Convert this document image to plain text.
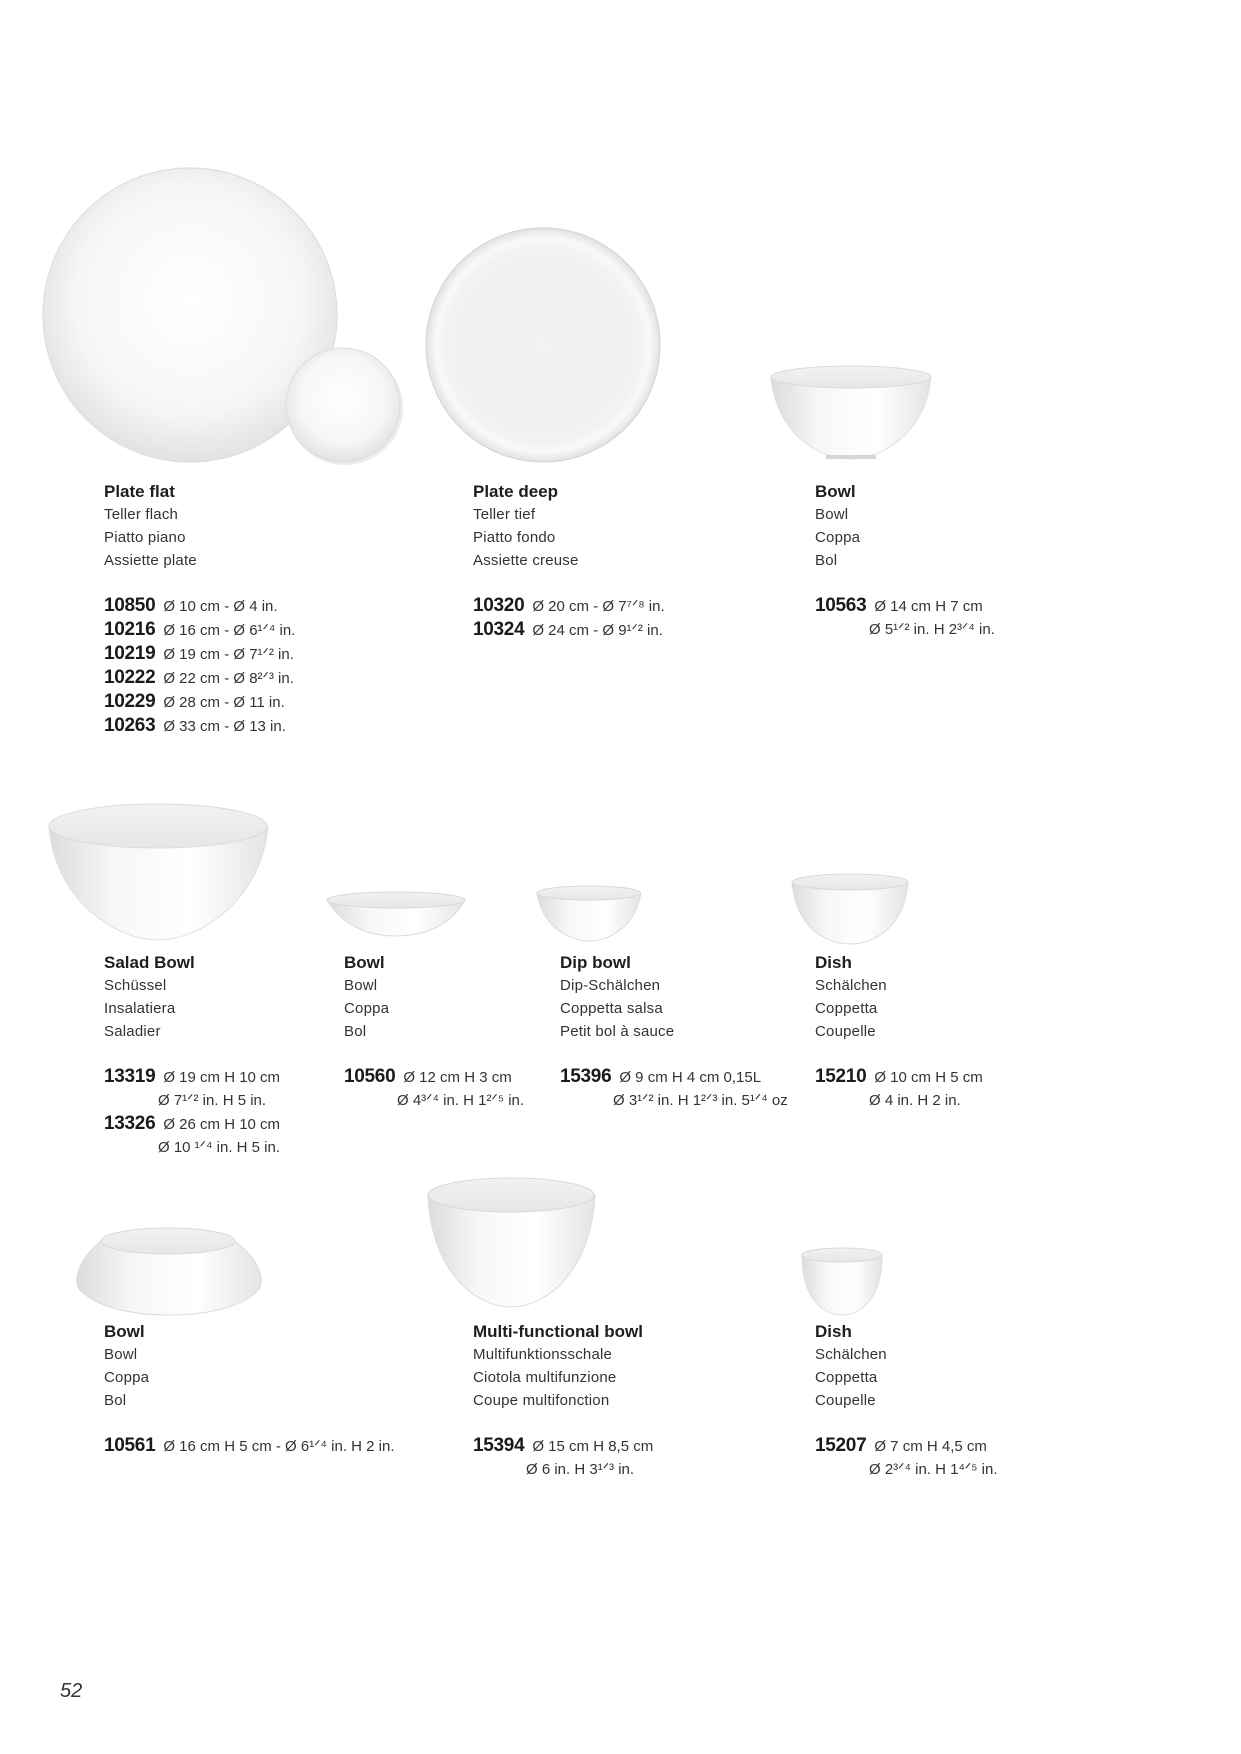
Plate flat
Teller flach
Piatto piano
Assiette plate
10850 Ø 10 cm - Ø 4 in.
10216 Ø 16 cm - Ø 6¹ᐟ⁴ in.
10219 Ø 19 cm - Ø 7¹ᐟ² in.
10222 Ø 22 cm - Ø 8²ᐟ³ in.
10229 Ø 28 cm - Ø 11 in.
10263 Ø 33 cm - Ø 13 in.
Plate deep
Teller tief
Piatto fondo
Assiette creuse
10320 Ø 20 cm - Ø 7⁷ᐟ⁸ in.
10324 Ø 24 cm - Ø 9¹ᐟ² in.
Bowl
Bowl
Coppa
Bol
10563 Ø 14 cm H 7 cm
Ø 5¹ᐟ² in. H 2³ᐟ⁴ in.
Salad Bowl
Schüssel
Insalatiera
Saladier
13319 Ø 19 cm H 10 cm
Ø 7¹ᐟ² in. H 5 in.
13326 Ø 26 cm H 10 cm
Ø 10 ¹ᐟ⁴ in. H 5 in.
Bowl
Bowl
Coppa
Bol
10560 Ø 12 cm H 3 cm
Ø 4³ᐟ⁴ in. H 1²ᐟ⁵ in.
Dip bowl
Dip-Schälchen
Coppetta salsa
Petit bol à sauce
15396 Ø 9 cm H 4 cm 0,15L
Ø 3¹ᐟ² in. H 1²ᐟ³ in. 5¹ᐟ⁴ oz
Dish
Schälchen
Coppetta
Coupelle
15210 Ø 10 cm H 5 cm
Ø 4 in. H 2 in.
Bowl
Bowl
Coppa
Bol
10561 Ø 16 cm H 5 cm - Ø 6¹ᐟ⁴ in. H 2 in.
Multi-functional bowl
Multifunktionsschale
Ciotola multifunzione
Coupe multifonction
15394 Ø 15 cm H 8,5 cm
Ø 6 in. H 3¹ᐟ³ in.
Dish
Schälchen
Coppetta
Coupelle
15207 Ø 7 cm H 4,5 cm
Ø 2³ᐟ⁴ in. H 1⁴ᐟ⁵ in.
52
